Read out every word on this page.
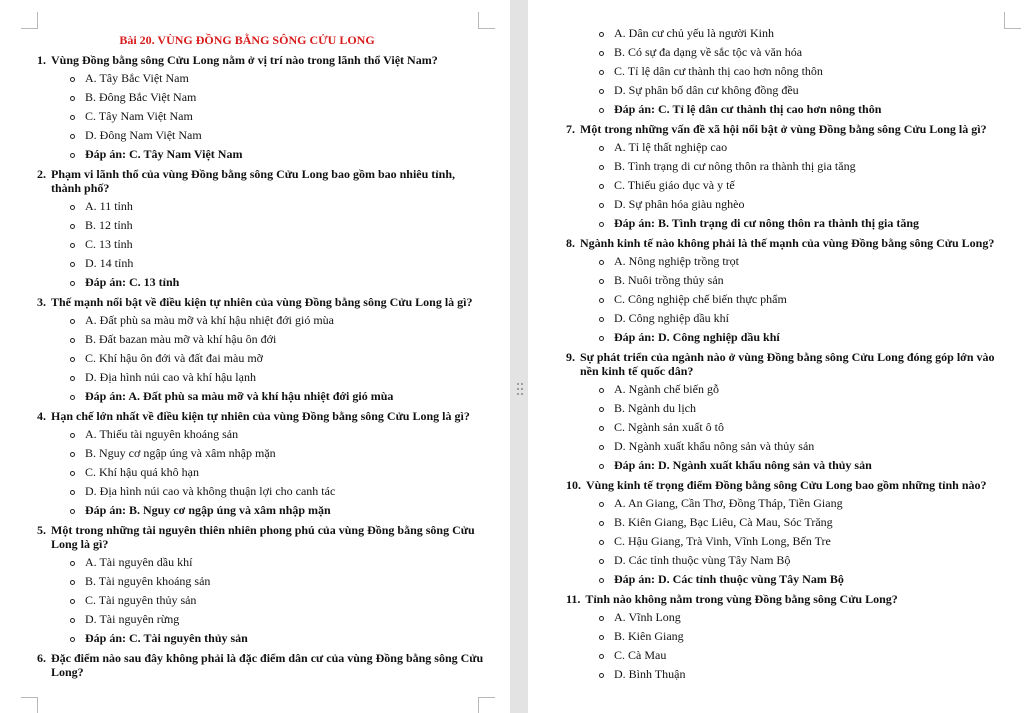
Bài 20. VÙNG ĐỒNG BẰNG SÔNG CỬU LONG

1. Vùng Đồng bằng sông Cửu Long nằm ở vị trí nào trong lãnh thổ Việt Nam?
A. Tây Bắc Việt Nam
B. Đông Bắc Việt Nam
C. Tây Nam Việt Nam
D. Đông Nam Việt Nam
Đáp án: C. Tây Nam Việt Nam
2. Phạm vi lãnh thổ của vùng Đồng bằng sông Cửu Long bao gồm bao nhiêu tỉnh, thành phố?
A. 11 tỉnh
B. 12 tỉnh
C. 13 tỉnh
D. 14 tỉnh
Đáp án: C. 13 tỉnh
3. Thế mạnh nổi bật về điều kiện tự nhiên của vùng Đồng bằng sông Cửu Long là gì?
A. Đất phù sa màu mỡ và khí hậu nhiệt đới gió mùa
B. Đất bazan màu mỡ và khí hậu ôn đới
C. Khí hậu ôn đới và đất đai màu mỡ
D. Địa hình núi cao và khí hậu lạnh
Đáp án: A. Đất phù sa màu mỡ và khí hậu nhiệt đới gió mùa
4. Hạn chế lớn nhất về điều kiện tự nhiên của vùng Đồng bằng sông Cửu Long là gì?
A. Thiếu tài nguyên khoáng sản
B. Nguy cơ ngập úng và xâm nhập mặn
C. Khí hậu quá khô hạn
D. Địa hình núi cao và không thuận lợi cho canh tác
Đáp án: B. Nguy cơ ngập úng và xâm nhập mặn
5. Một trong những tài nguyên thiên nhiên phong phú của vùng Đồng bằng sông Cửu Long là gì?
A. Tài nguyên dầu khí
B. Tài nguyên khoáng sản
C. Tài nguyên thủy sản
D. Tài nguyên rừng
Đáp án: C. Tài nguyên thủy sản
6. Đặc điểm nào sau đây không phải là đặc điểm dân cư của vùng Đồng bằng sông Cửu Long?
A. Dân cư chủ yếu là người Kinh
B. Có sự đa dạng về sắc tộc và văn hóa
C. Tỉ lệ dân cư thành thị cao hơn nông thôn
D. Sự phân bố dân cư không đồng đều
Đáp án: C. Tỉ lệ dân cư thành thị cao hơn nông thôn
7. Một trong những vấn đề xã hội nổi bật ở vùng Đồng bằng sông Cửu Long là gì?
A. Tỉ lệ thất nghiệp cao
B. Tình trạng di cư nông thôn ra thành thị gia tăng
C. Thiếu giáo dục và y tế
D. Sự phân hóa giàu nghèo
Đáp án: B. Tình trạng di cư nông thôn ra thành thị gia tăng
8. Ngành kinh tế nào không phải là thế mạnh của vùng Đồng bằng sông Cửu Long?
A. Nông nghiệp trồng trọt
B. Nuôi trồng thủy sản
C. Công nghiệp chế biến thực phẩm
D. Công nghiệp dầu khí
Đáp án: D. Công nghiệp dầu khí
9. Sự phát triển của ngành nào ở vùng Đồng bằng sông Cửu Long đóng góp lớn vào nền kinh tế quốc dân?
A. Ngành chế biến gỗ
B. Ngành du lịch
C. Ngành sản xuất ô tô
D. Ngành xuất khẩu nông sản và thủy sản
Đáp án: D. Ngành xuất khẩu nông sản và thủy sản
10. Vùng kinh tế trọng điểm Đồng bằng sông Cửu Long bao gồm những tỉnh nào?
A. An Giang, Cần Thơ, Đồng Tháp, Tiền Giang
B. Kiên Giang, Bạc Liêu, Cà Mau, Sóc Trăng
C. Hậu Giang, Trà Vinh, Vĩnh Long, Bến Tre
D. Các tỉnh thuộc vùng Tây Nam Bộ
Đáp án: D. Các tỉnh thuộc vùng Tây Nam Bộ
11. Tỉnh nào không nằm trong vùng Đồng bằng sông Cửu Long?
A. Vĩnh Long
B. Kiên Giang
C. Cà Mau
D. Bình Thuận
